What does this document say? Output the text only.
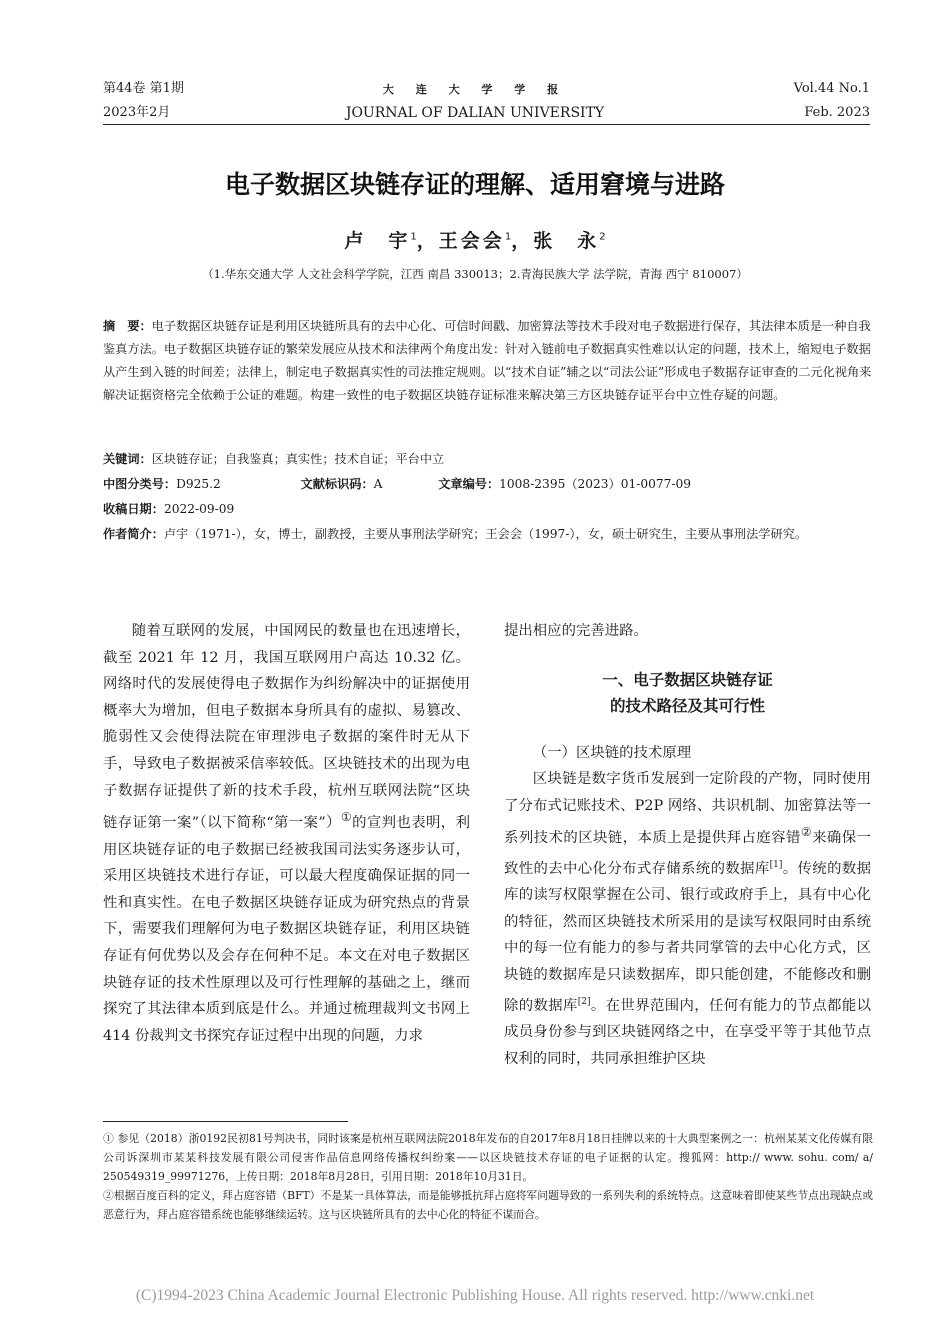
第44卷 第1期
2023年2月
大 连 大 学 学 报
JOURNAL OF DALIAN UNIVERSITY
Vol.44 No.1
Feb. 2023
电子数据区块链存证的理解、适用窘境与进路
卢　宇$^1$，王会会$^1$，张　永$^2$
（1.华东交通大学 人文社会科学学院，江西 南昌 330013；2.青海民族大学 法学院，青海 西宁 810007）
摘　要：电子数据区块链存证是利用区块链所具有的去中心化、可信时间戳、加密算法等技术手段对电子数据进行保存，其法律本质是一种自我鉴真方法。电子数据区块链存证的繁荣发展应从技术和法律两个角度出发：针对入链前电子数据真实性难以认定的问题，技术上，缩短电子数据从产生到入链的时间差；法律上，制定电子数据真实性的司法推定规则。以“技术自证”辅之以“司法公证”形成电子数据存证审查的二元化视角来解决证据资格完全依赖于公证的难题。构建一致性的电子数据区块链存证标准来解决第三方区块链存证平台中立性存疑的问题。
关键词：区块链存证；自我鉴真；真实性；技术自证；平台中立
中图分类号：D925.2	文献标识码：A	文章编号：1008-2395（2023）01-0077-09
收稿日期：2022-09-09
作者简介：卢宇（1971-），女，博士，副教授，主要从事刑法学研究；王会会（1997-），女，硕士研究生，主要从事刑法学研究。

随着互联网的发展，中国网民的数量也在迅速增长，截至 2021 年 12 月，我国互联网用户高达 10.32 亿。网络时代的发展使得电子数据作为纠纷解决中的证据使用概率大为增加，但电子数据本身所具有的虚拟、易篡改、脆弱性又会使得法院在审理涉电子数据的案件时无从下手，导致电子数据被采信率较低。区块链技术的出现为电子数据存证提供了新的技术手段，杭州互联网法院“区块链存证第一案”（以下简称“第一案”）①的宣判也表明，利用区块链存证的电子数据已经被我国司法实务逐步认可，采用区块链技术进行存证，可以最大程度确保证据的同一性和真实性。在电子数据区块链存证成为研究热点的背景下，需要我们理解何为电子数据区块链存证，利用区块链存证有何优势以及会存在何种不足。本文在对电子数据区块链存证的技术性原理以及可行性理解的基础之上，继而探究了其法律本质到底是什么。并通过梳理裁判文书网上 414 份裁判文书探究存证过程中出现的问题，力求

提出相应的完善进路。

一、电子数据区块链存证
的技术路径及其可行性

（一）区块链的技术原理

区块链是数字货币发展到一定阶段的产物，同时使用了分布式记账技术、P2P 网络、共识机制、加密算法等一系列技术的区块链，本质上是提供拜占庭容错②来确保一致性的去中心化分布式存储系统的数据库[1]。传统的数据库的读写权限掌握在公司、银行或政府手上，具有中心化的特征，然而区块链技术所采用的是读写权限同时由系统中的每一位有能力的参与者共同掌管的去中心化方式，区块链的数据库是只读数据库，即只能创建，不能修改和删除的数据库[2]。在世界范围内，任何有能力的节点都能以成员身份参与到区块链网络之中，在享受平等于其他节点权利的同时，共同承担维护区块

① 参见（2018）浙0192民初81号判决书，同时该案是杭州互联网法院2018年发布的自2017年8月18日挂牌以来的十大典型案例之一：杭州某某文化传媒有限公司诉深圳市某某科技发展有限公司侵害作品信息网络传播权纠纷案——以区块链技术存证的电子证据的认定。搜狐网：http:// www. sohu. com/ a/ 250549319_99971276，上传日期：2018年8月28日，引用日期：2018年10月31日。

②根据百度百科的定义，拜占庭容错（BFT）不是某一具体算法，而是能够抵抗拜占庭将军问题导致的一系列失利的系统特点。这意味着即使某些节点出现缺点或恶意行为，拜占庭容错系统也能够继续运转。这与区块链所具有的去中心化的特征不谋而合。

(C)1994-2023 China Academic Journal Electronic Publishing House. All rights reserved. http://www.cnki.net
